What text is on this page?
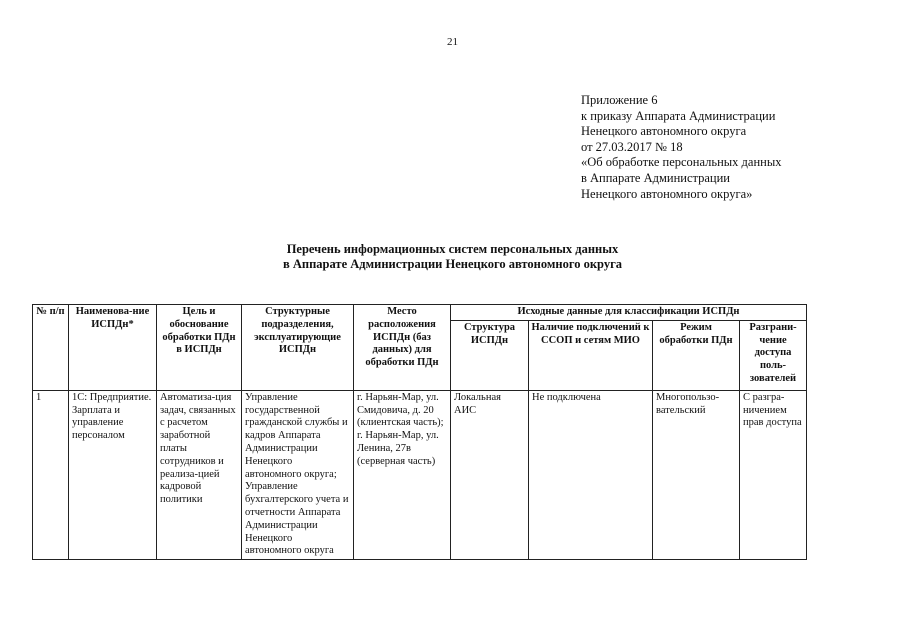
21
Приложение 6
к приказу Аппарата Администрации
Ненецкого автономного округа
от 27.03.2017 № 18
«Об обработке персональных данных
в Аппарате Администрации
Ненецкого автономного округа»
Перечень информационных систем персональных данных
в Аппарате Администрации Ненецкого автономного округа
№ п/п	Наименова-ние ИСПДн*	Цель и обоснование обработки ПДн в ИСПДн	Структурные подразделения, эксплуатирующие ИСПДн	Место расположения ИСПДн (баз данных) для обработки ПДн	Исходные данные для классификации ИСПДн			
					Структура ИСПДн	Наличие подключений к ССОП и сетям МИО	Режим обработки ПДн	Разграни-чение доступа поль-зователей
1	1С: Предприятие. Зарплата и управление персоналом	Автоматиза-ция задач, связанных с расчетом заработной платы сотрудников и реализа-цией кадровой политики	Управление государственной гражданской службы и кадров Аппарата Администрации Ненецкого автономного округа; Управление бухгалтерского учета и отчетности Аппарата Администрации Ненецкого автономного округа	г. Нарьян-Мар, ул. Смидовича, д. 20 (клиентская часть); г. Нарьян-Мар, ул. Ленина, 27в (серверная часть)	Локальная АИС	Не подключена	Многопользо-вательский	С разгра-ничением прав доступа
